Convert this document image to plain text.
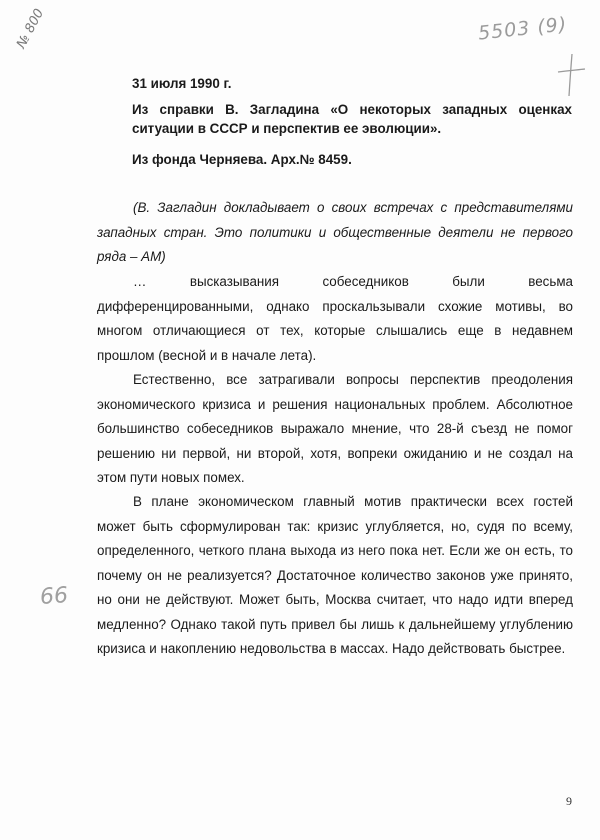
№ 800	5503 (9)
66
31 июля 1990 г.
Из справки В. Загладина «О некоторых западных оценках ситуации в СССР и перспектив ее эволюции».
Из фонда Черняева. Арх.№ 8459.

(В. Загладин докладывает о своих встречах с представителями западных стран. Это политики и общественные деятели не первого ряда – АМ)

…	высказывания собеседников были весьма дифференцированными, однако проскальзывали схожие мотивы, во многом отличающиеся от тех, которые слышались еще в недавнем прошлом (весной и в начале лета).

Естественно, все затрагивали вопросы перспектив преодоления экономического кризиса и решения национальных проблем. Абсолютное большинство собеседников выражало мнение, что 28-й съезд не помог решению ни первой, ни второй, хотя, вопреки ожиданию и не создал на этом пути новых помех.

В плане экономическом главный мотив практически всех гостей может быть сформулирован так: кризис углубляется, но, судя по всему, определенного, четкого плана выхода из него пока нет. Если же он есть, то почему он не реализуется? Достаточное количество законов уже принято, но они не действуют. Может быть, Москва считает, что надо идти вперед медленно? Однако такой путь привел бы лишь к дальнейшему углублению кризиса и накоплению недовольства в массах. Надо действовать быстрее.

9
